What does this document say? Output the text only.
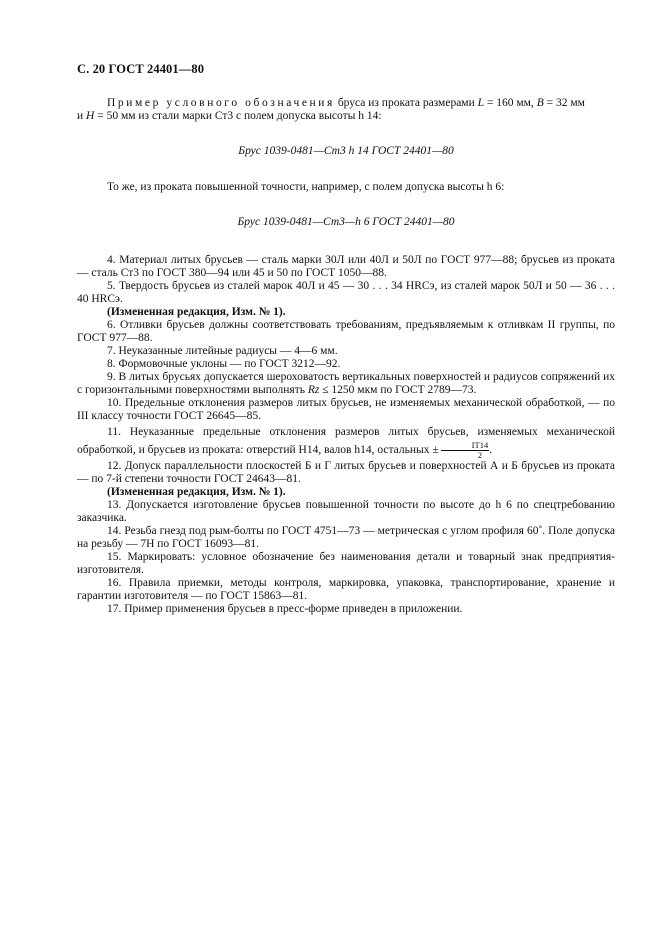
С. 20 ГОСТ 24401—80

Пример условного обозначения бруса из проката размерами L = 160 мм, B = 32 мм
и H = 50 мм из стали марки Ст3 с полем допуска высоты h 14:

Брус 1039-0481—Ст3 h 14 ГОСТ 24401—80

То же, из проката повышенной точности, например, с полем допуска высоты h 6:

Брус 1039-0481—Ст3—h 6 ГОСТ 24401—80

4. Материал литых брусьев — сталь марки 30Л или 40Л и 50Л по ГОСТ 977—88; брусьев из проката — сталь Ст3 по ГОСТ 380—94 или 45 и 50 по ГОСТ 1050—88.

5. Твердость брусьев из сталей марок 40Л и 45 — 30 . . . 34 HRCэ, из сталей марок 50Л и 50 — 36 . . . 40 HRCэ.

(Измененная редакция, Изм. № 1).

6. Отливки брусьев должны соответствовать требованиям, предъявляемым к отливкам II группы, по ГОСТ 977—88.

7. Неуказанные литейные радиусы — 4—6 мм.

8. Формовочные уклоны — по ГОСТ 3212—92.

9. В литых брусьях допускается шероховатость вертикальных поверхностей и радиусов сопряжений их с горизонтальными поверхностями выполнять Rz ≤ 1250 мкм по ГОСТ 2789—73.

10. Предельные отклонения размеров литых брусьев, не изменяемых механической обработкой, — по III классу точности ГОСТ 26645—85.

11. Неуказанные предельные отклонения размеров литых брусьев, изменяемых механической обработкой, и брусьев из проката: отверстий Н14, валов h14, остальных ± $\frac{IT14}{2}$ .

12. Допуск параллельности плоскостей Б и Г литых брусьев и поверхностей А и Б брусьев из проката — по 7-й степени точности ГОСТ 24643—81.

(Измененная редакция, Изм. № 1).

13. Допускается изготовление брусьев повышенной точности по высоте до h 6 по спецтребованию заказчика.

14. Резьба гнезд под рым-болты по ГОСТ 4751—73 — метрическая с углом профиля 60˚. Поле допуска на резьбу — 7Н по ГОСТ 16093—81.

15. Маркировать: условное обозначение без наименования детали и товарный знак предприятия-изготовителя.

16. Правила приемки, методы контроля, маркировка, упаковка, транспортирование, хранение и гарантии изготовителя — по ГОСТ 15863—81.

17. Пример применения брусьев в пресс-форме приведен в приложении.
